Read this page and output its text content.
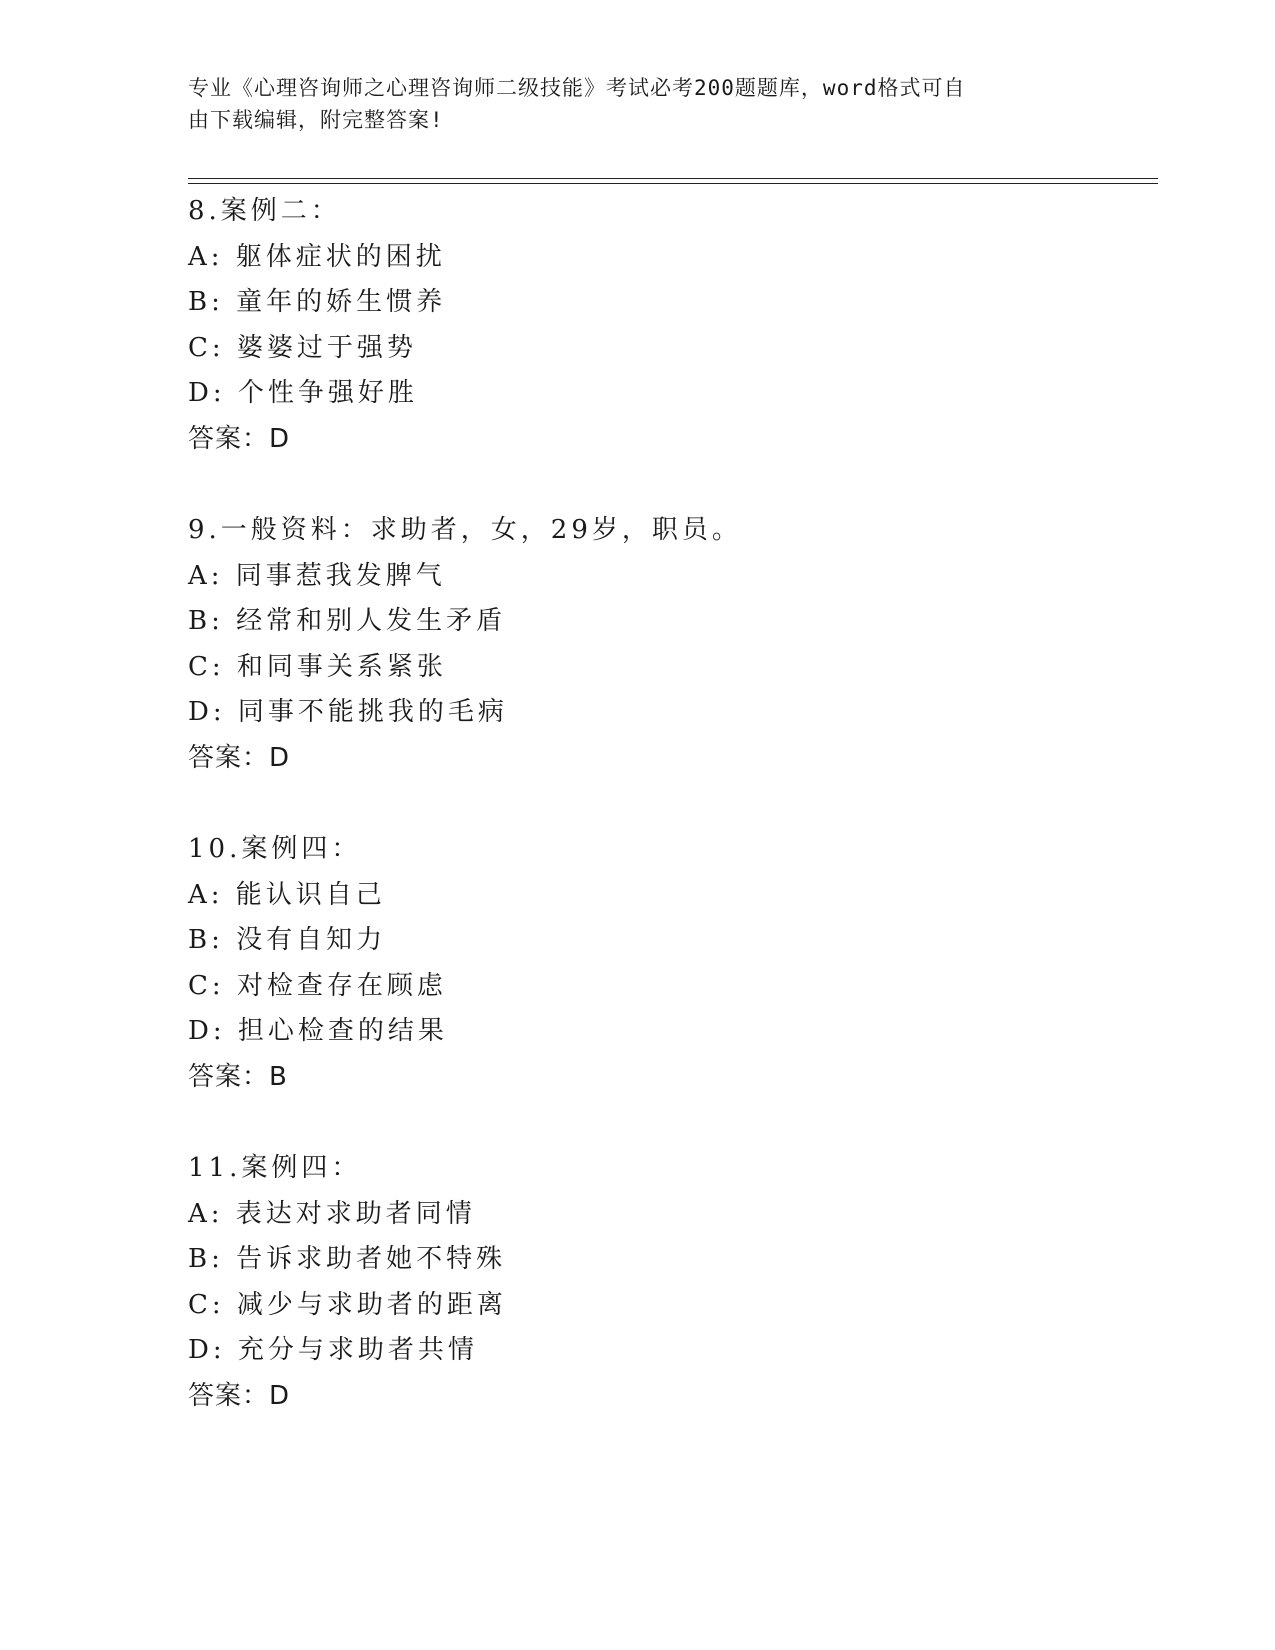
专业《心理咨询师之心理咨询师二级技能》考试必考200题题库，word格式可自
由下载编辑，附完整答案!
8.案例二：
A: 躯体症状的困扰
B: 童年的娇生惯养
C: 婆婆过于强势
D: 个性争强好胜
答案：D
9.一般资料：求助者，女，29岁，职员。
A: 同事惹我发脾气
B: 经常和别人发生矛盾
C: 和同事关系紧张
D: 同事不能挑我的毛病
答案：D
10.案例四：
A: 能认识自己
B: 没有自知力
C: 对检查存在顾虑
D: 担心检查的结果
答案：B
11.案例四：
A: 表达对求助者同情
B: 告诉求助者她不特殊
C: 减少与求助者的距离
D: 充分与求助者共情
答案：D
